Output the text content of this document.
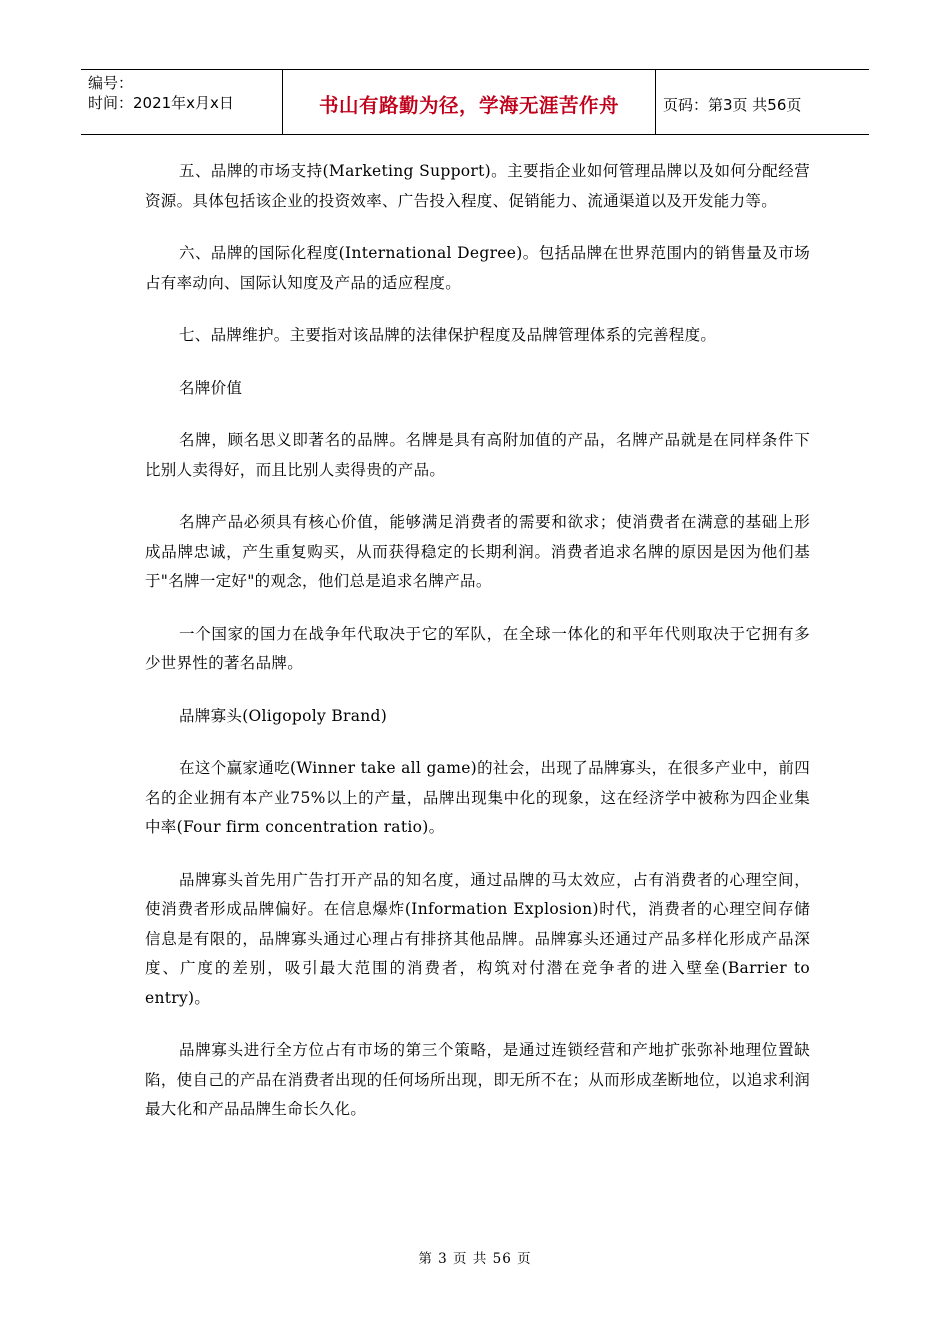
编号：
时间：2021年x月x日	书山有路勤为径，学海无涯苦作舟	页码：第3页 共56页

五、品牌的市场支持(Marketing Support)。主要指企业如何管理品牌以及如何分配经营资源。具体包括该企业的投资效率、广告投入程度、促销能力、流通渠道以及开发能力等。

六、品牌的国际化程度(International Degree)。包括品牌在世界范围内的销售量及市场占有率动向、国际认知度及产品的适应程度。

七、品牌维护。主要指对该品牌的法律保护程度及品牌管理体系的完善程度。

名牌价值

名牌，顾名思义即著名的品牌。名牌是具有高附加值的产品，名牌产品就是在同样条件下比别人卖得好，而且比别人卖得贵的产品。

名牌产品必须具有核心价值，能够满足消费者的需要和欲求；使消费者在满意的基础上形成品牌忠诚，产生重复购买，从而获得稳定的长期利润。消费者追求名牌的原因是因为他们基于"名牌一定好"的观念，他们总是追求名牌产品。

一个国家的国力在战争年代取决于它的军队，在全球一体化的和平年代则取决于它拥有多少世界性的著名品牌。

品牌寡头(Oligopoly Brand)

在这个赢家通吃(Winner take all game)的社会，出现了品牌寡头，在很多产业中，前四名的企业拥有本产业75%以上的产量，品牌出现集中化的现象，这在经济学中被称为四企业集中率(Four firm concentration ratio)。

品牌寡头首先用广告打开产品的知名度，通过品牌的马太效应，占有消费者的心理空间，使消费者形成品牌偏好。在信息爆炸(Information Explosion)时代，消费者的心理空间存储信息是有限的，品牌寡头通过心理占有排挤其他品牌。品牌寡头还通过产品多样化形成产品深度、广度的差别，吸引最大范围的消费者，构筑对付潜在竞争者的进入壁垒(Barrier to entry)。

品牌寡头进行全方位占有市场的第三个策略，是通过连锁经营和产地扩张弥补地理位置缺陷，使自己的产品在消费者出现的任何场所出现，即无所不在；从而形成垄断地位，以追求利润最大化和产品品牌生命长久化。

第 3 页 共 56 页
